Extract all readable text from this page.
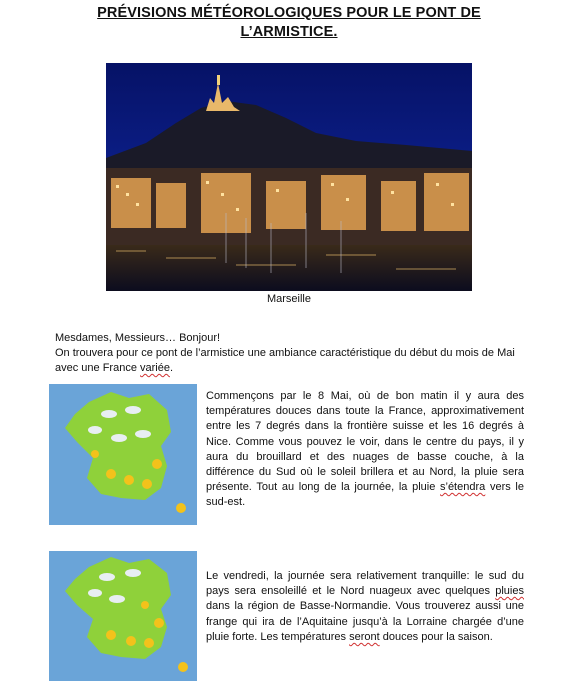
PRÉVISIONS MÉTÉOROLOGIQUES POUR LE PONT DE
L’ARMISTICE.
Marseille

Mesdames, Messieurs… Bonjour!

On trouvera pour ce pont de l’armistice une ambiance caractéristique du début du mois de Mai avec une France variée.

Commençons par le 8 Mai, où de bon matin il y aura des températures douces dans toute la France, approximativement entre les 7 degrés dans la frontière suisse et les 16 degrés à Nice. Comme vous pouvez le voir, dans le centre du pays, il y aura du brouillard et des nuages de basse couche, à la différence du Sud où le soleil brillera et au Nord, la pluie sera présente. Tout au long de la journée, la pluie s’étendra vers le sud-est.

Le vendredi, la journée sera relativement tranquille: le sud du pays sera ensoleillé et le Nord nuageux avec quelques pluies dans la région de Basse-Normandie. Vous trouverez aussi une frange qui ira de l’Aquitaine jusqu’à la Lorraine chargée d’une pluie forte. Les températures seront douces pour la saison.
